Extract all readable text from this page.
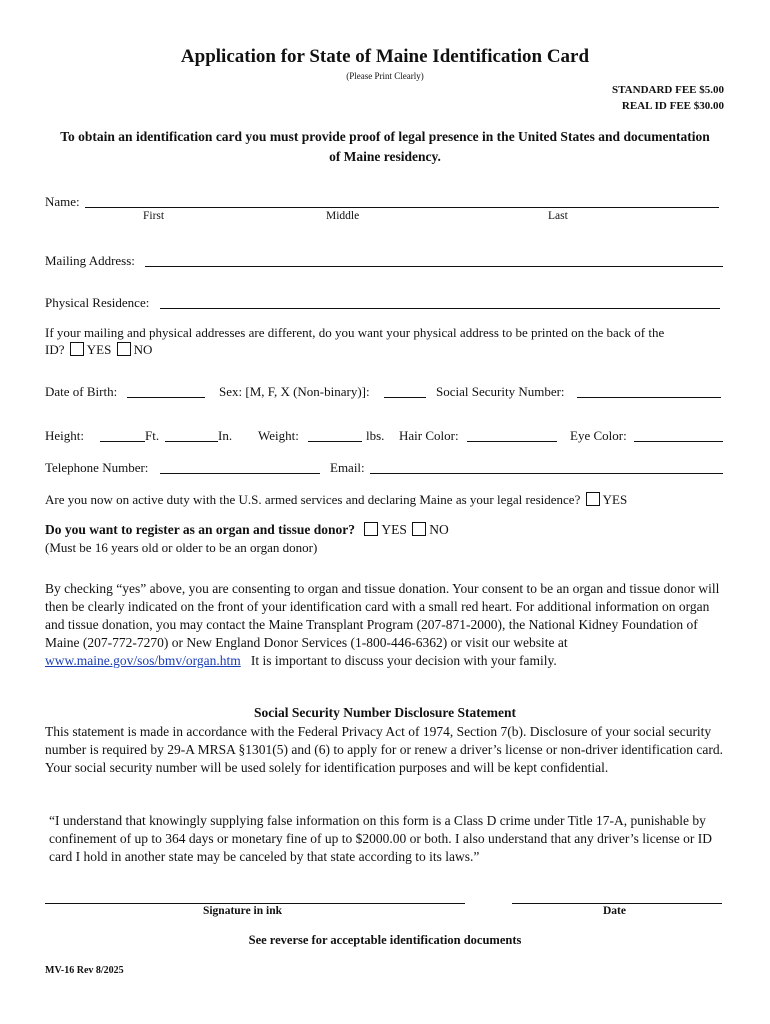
Application for State of Maine Identification Card
(Please Print Clearly)
STANDARD FEE $5.00
REAL ID FEE $30.00
To obtain an identification card you must provide proof of legal presence in the United States and documentation of Maine residency.
Name:
First	Middle	Last
Mailing Address:
Physical Residence:
If your mailing and physical addresses are different, do you want your physical address to be printed on the back of the
ID? YES NO
Date of Birth:	Sex: [M, F, X (Non-binary)]:	Social Security Number:
Height:	Ft.	In. Weight:	lbs. Hair Color:	Eye Color:
Telephone Number:	Email:
Are you now on active duty with the U.S. armed services and declaring Maine as your legal residence? YES
Do you want to register as an organ and tissue donor? YES NO
(Must be 16 years old or older to be an organ donor)
By checking “yes” above, you are consenting to organ and tissue donation. Your consent to be an organ and tissue donor will then be clearly indicated on the front of your identification card with a small red heart. For additional information on organ and tissue donation, you may contact the Maine Transplant Program (207-871-2000), the National Kidney Foundation of Maine (207-772-7270) or New England Donor Services (1-800-446-6362) or visit our website at www.maine.gov/sos/bmv/organ.htm It is important to discuss your decision with your family.
Social Security Number Disclosure Statement
This statement is made in accordance with the Federal Privacy Act of 1974, Section 7(b). Disclosure of your social security number is required by 29-A MRSA §1301(5) and (6) to apply for or renew a driver’s license or non-driver identification card. Your social security number will be used solely for identification purposes and will be kept confidential.
“I understand that knowingly supplying false information on this form is a Class D crime under Title 17-A, punishable by confinement of up to 364 days or monetary fine of up to $2000.00 or both. I also understand that any driver’s license or ID card I hold in another state may be canceled by that state according to its laws.”
Signature in ink	Date
See reverse for acceptable identification documents
MV-16 Rev 8/2025
